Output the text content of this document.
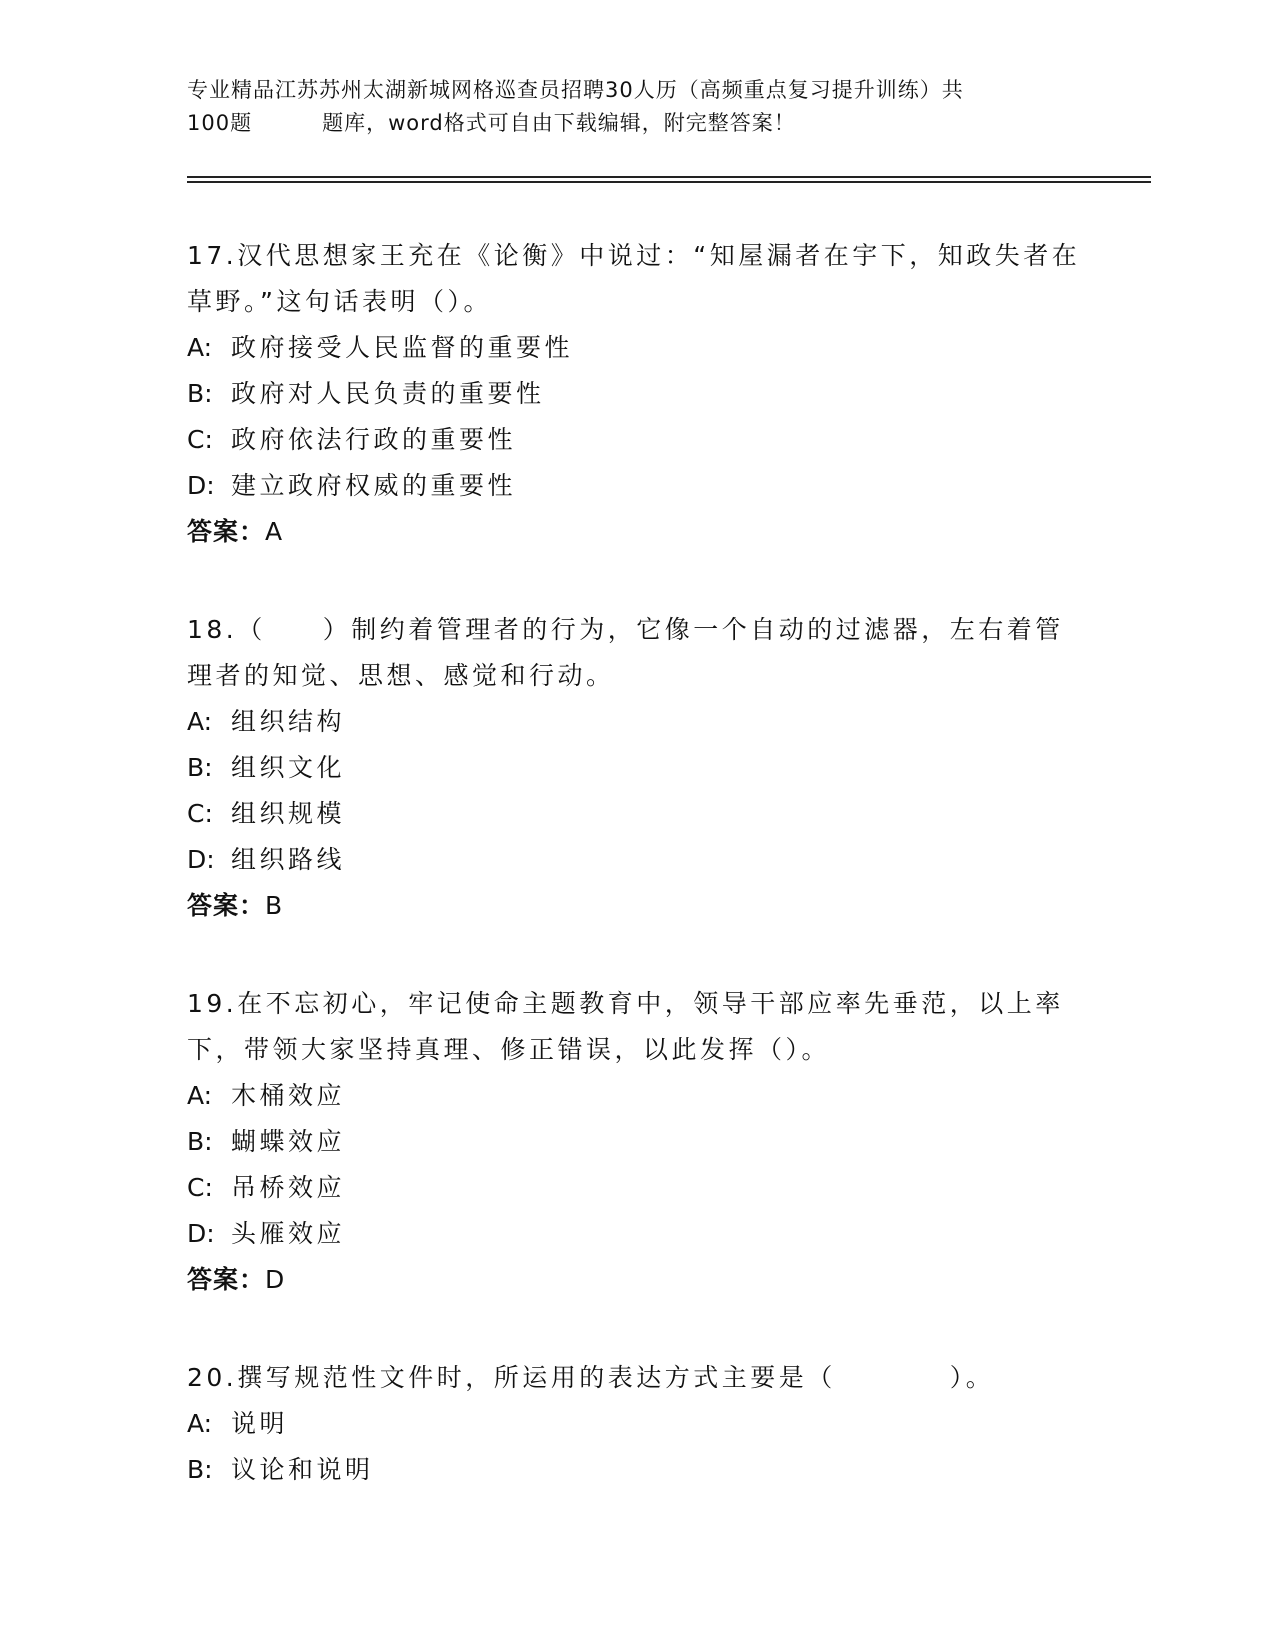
专业精品江苏苏州太湖新城网格巡查员招聘30人历（高频重点复习提升训练）共
100题	题库，word格式可自由下载编辑，附完整答案！

17.汉代思想家王充在《论衡》中说过：“知屋漏者在宇下，知政失者在草野。”这句话表明（）。

A: 政府接受人民监督的重要性

B: 政府对人民负责的重要性

C: 政府依法行政的重要性

D: 建立政府权威的重要性

答案：A

18.（　　）制约着管理者的行为，它像一个自动的过滤器，左右着管理者的知觉、思想、感觉和行动。

A: 组织结构

B: 组织文化

C: 组织规模

D: 组织路线

答案：B

19.在不忘初心，牢记使命主题教育中，领导干部应率先垂范，以上率下，带领大家坚持真理、修正错误，以此发挥（）。

A: 木桶效应

B: 蝴蝶效应

C: 吊桥效应

D: 头雁效应

答案：D

20.撰写规范性文件时，所运用的表达方式主要是（　　　　）。

A: 说明

B: 议论和说明
